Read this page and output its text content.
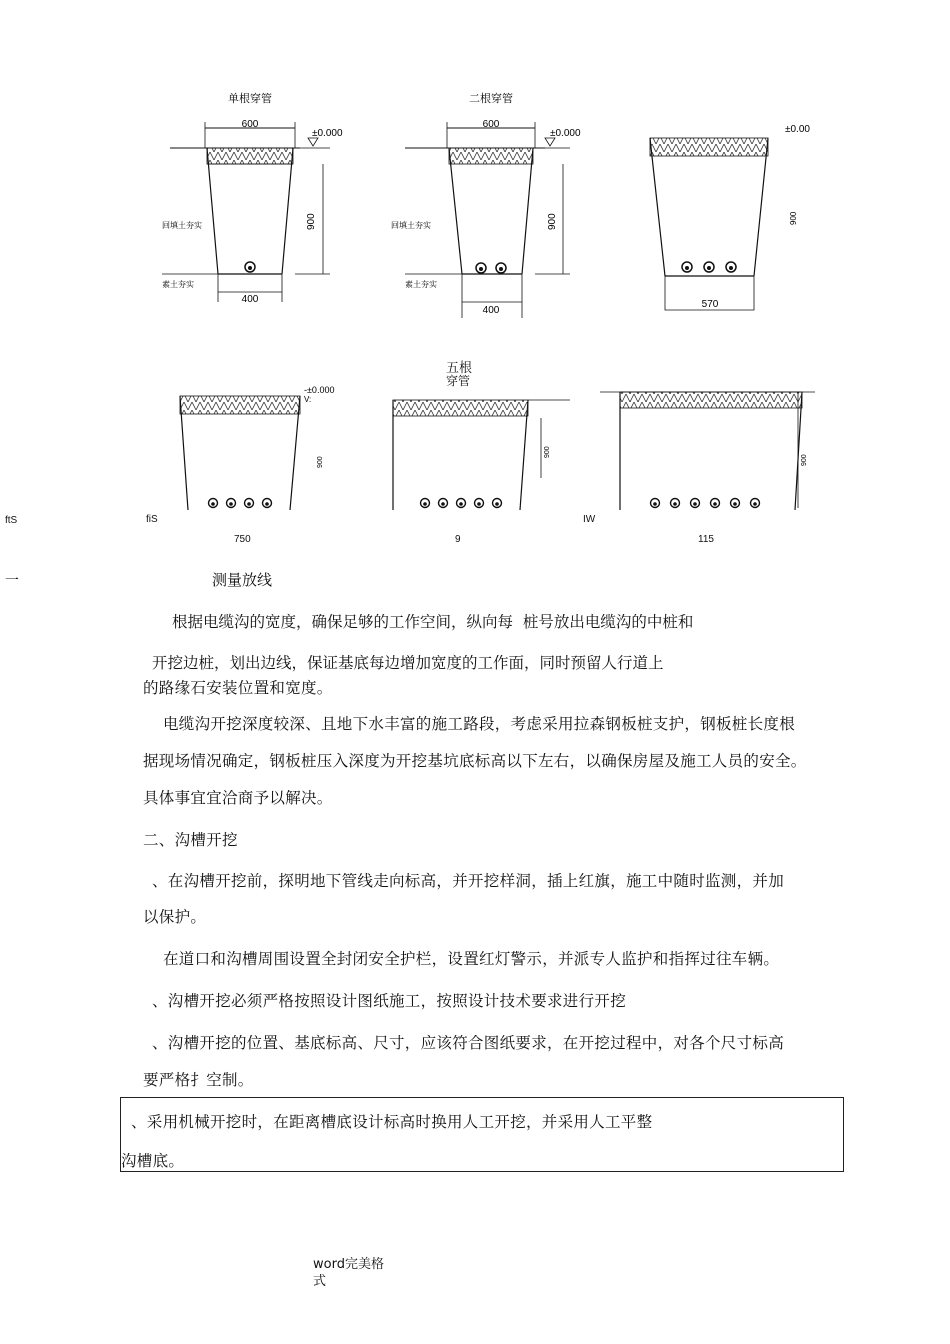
600
400
±0.000
900
单根穿管
回填土夯实
素土夯实
600
400
±0.000
900
二根穿管
回填土夯实
素土夯实
570
±0.00
900
五根
穿管
-±0.000
V:
900
900
900
ftS	fiS	IW
750	9	115
一	测量放线
根据电缆沟的宽度，确保足够的工作空间，纵向每  桩号放出电缆沟的中桩和
开挖边桩，划出边线，保证基底每边增加宽度的工作面，同时预留人行道上

的路缘石安装位置和宽度。

电缆沟开挖深度较深、且地下水丰富的施工路段，考虑采用拉森钢板桩支护，钢板桩长度根

据现场情况确定，钢板桩压入深度为开挖基坑底标高以下左右，以确保房屋及施工人员的安全。

具体事宜宜洽商予以解决。

二、沟槽开挖

、在沟槽开挖前，探明地下管线走向标高，并开挖样洞，插上红旗，施工中随时监测，并加

以保护。

在道口和沟槽周围设置全封闭安全护栏，设置红灯警示，并派专人监护和指挥过往车辆。

、沟槽开挖必须严格按照设计图纸施工，按照设计技术要求进行开挖

、沟槽开挖的位置、基底标高、尺寸，应该符合图纸要求，在开挖过程中，对各个尺寸标高

要严格扌空制。

、采用机械开挖时，在距离槽底设计标高时换用人工开挖，并采用人工平整

沟槽底。

word完美格
式
